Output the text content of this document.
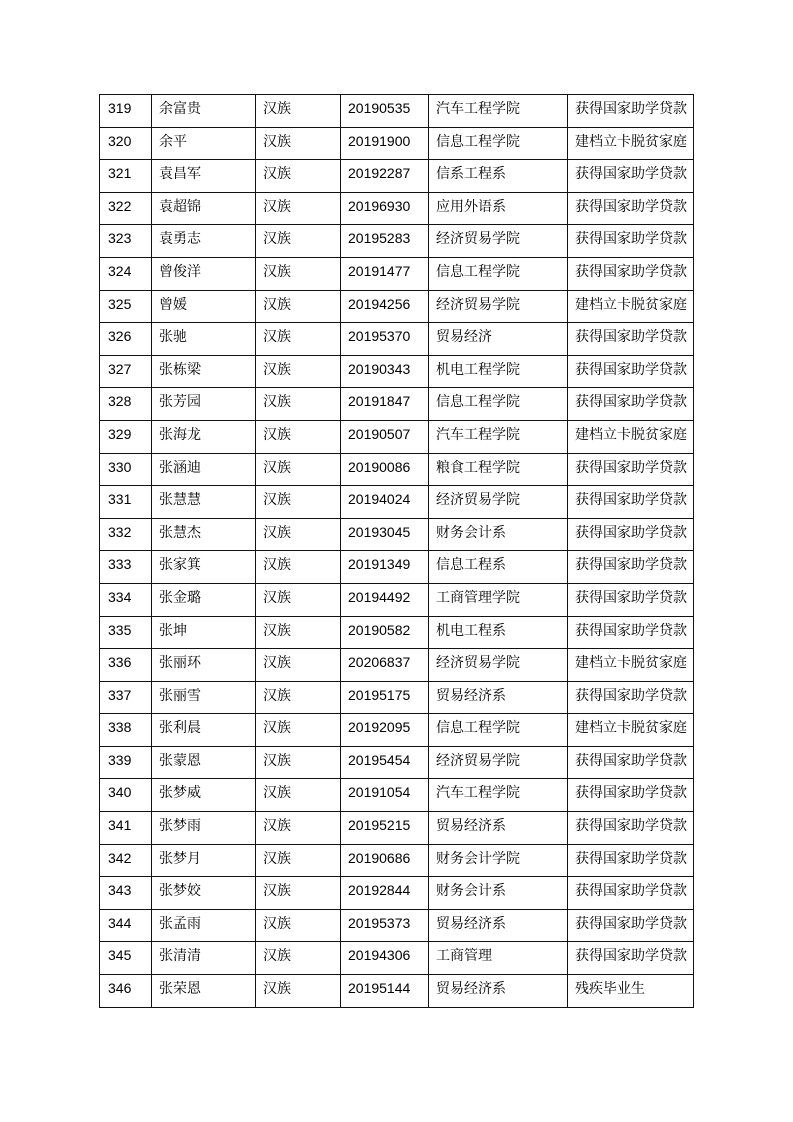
319	余富贵	汉族	20190535	汽车工程学院	获得国家助学贷款
320	余平	汉族	20191900	信息工程学院	建档立卡脱贫家庭
321	袁昌军	汉族	20192287	信系工程系	获得国家助学贷款
322	袁超锦	汉族	20196930	应用外语系	获得国家助学贷款
323	袁勇志	汉族	20195283	经济贸易学院	获得国家助学贷款
324	曾俊洋	汉族	20191477	信息工程学院	获得国家助学贷款
325	曾媛	汉族	20194256	经济贸易学院	建档立卡脱贫家庭
326	张驰	汉族	20195370	贸易经济	获得国家助学贷款
327	张栋梁	汉族	20190343	机电工程学院	获得国家助学贷款
328	张芳园	汉族	20191847	信息工程学院	获得国家助学贷款
329	张海龙	汉族	20190507	汽车工程学院	建档立卡脱贫家庭
330	张涵迪	汉族	20190086	粮食工程学院	获得国家助学贷款
331	张慧慧	汉族	20194024	经济贸易学院	获得国家助学贷款
332	张慧杰	汉族	20193045	财务会计系	获得国家助学贷款
333	张家箕	汉族	20191349	信息工程系	获得国家助学贷款
334	张金璐	汉族	20194492	工商管理学院	获得国家助学贷款
335	张坤	汉族	20190582	机电工程系	获得国家助学贷款
336	张丽环	汉族	20206837	经济贸易学院	建档立卡脱贫家庭
337	张丽雪	汉族	20195175	贸易经济系	获得国家助学贷款
338	张利晨	汉族	20192095	信息工程学院	建档立卡脱贫家庭
339	张蒙恩	汉族	20195454	经济贸易学院	获得国家助学贷款
340	张梦威	汉族	20191054	汽车工程学院	获得国家助学贷款
341	张梦雨	汉族	20195215	贸易经济系	获得国家助学贷款
342	张梦月	汉族	20190686	财务会计学院	获得国家助学贷款
343	张梦姣	汉族	20192844	财务会计系	获得国家助学贷款
344	张孟雨	汉族	20195373	贸易经济系	获得国家助学贷款
345	张清清	汉族	20194306	工商管理	获得国家助学贷款
346	张荣恩	汉族	20195144	贸易经济系	残疾毕业生
